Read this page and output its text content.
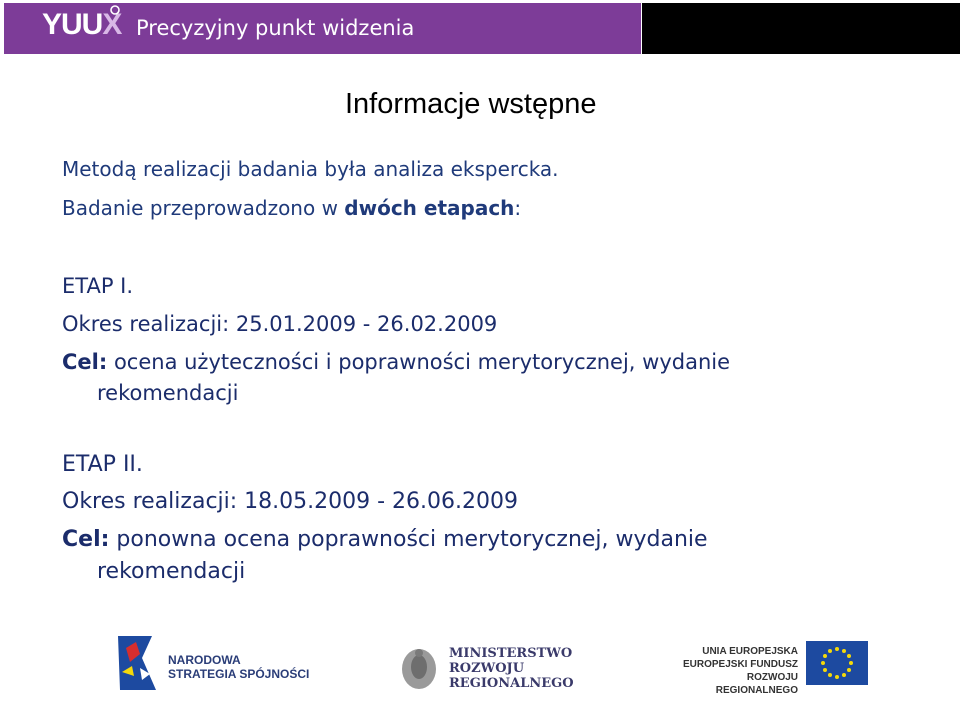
YUUX Precyzyjny punkt widzenia
Informacje wstępne
Metodą realizacji badania była analiza ekspercka.
Badanie przeprowadzono w dwóch etapach:
ETAP I.
Okres realizacji: 25.01.2009 - 26.02.2009
Cel: ocena użyteczności i poprawności merytorycznej, wydanie
rekomendacji
ETAP II.
Okres realizacji: 18.05.2009 - 26.06.2009
Cel: ponowna ocena poprawności merytorycznej, wydanie
rekomendacji
NARODOWA
STRATEGIA SPÓJNOŚCI
MINISTERSTWO
ROZWOJU
REGIONALNEGO
UNIA EUROPEJSKA
EUROPEJSKI FUNDUSZ
ROZWOJU REGIONALNEGO
